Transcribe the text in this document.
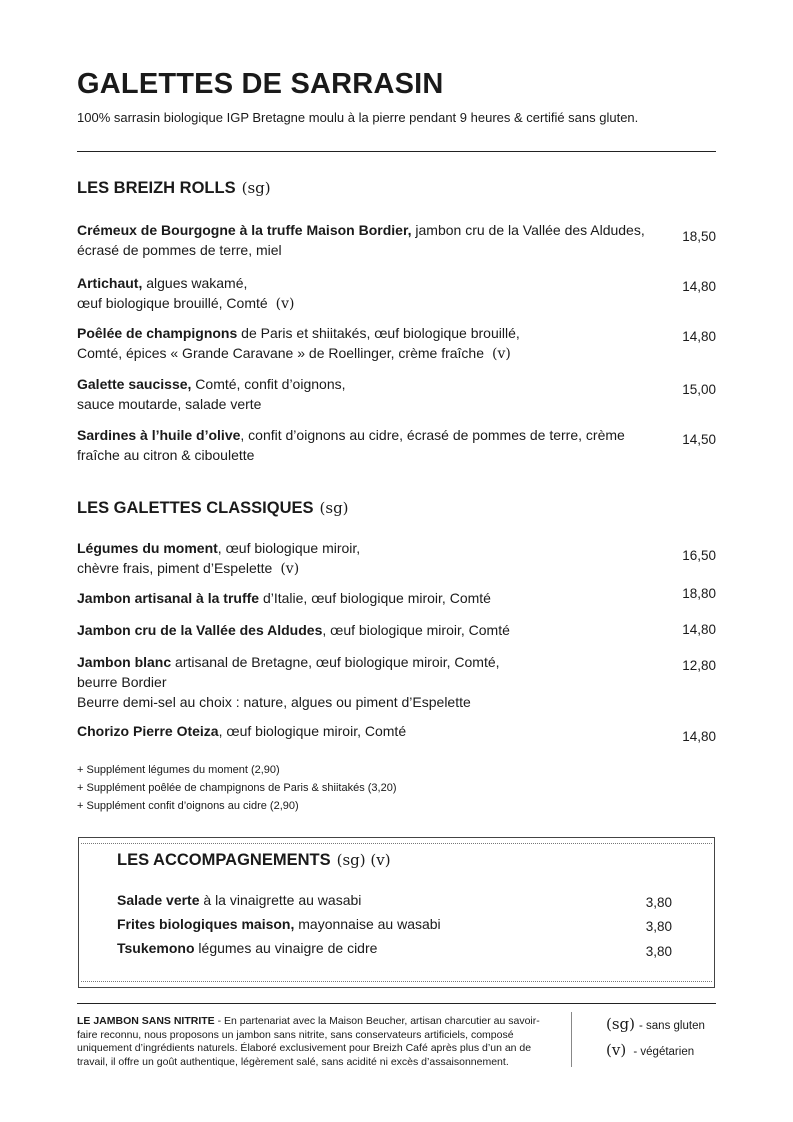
GALETTES DE SARRASIN
100% sarrasin biologique IGP Bretagne moulu à la pierre pendant 9 heures & certifié sans gluten.
LES BREIZH ROLLS (sg)
Crémeux de Bourgogne à la truffe Maison Bordier, jambon cru de la Vallée des Aldudes, écrasé de pommes de terre, miel
18,50
Artichaut, algues wakamé,
œuf biologique brouillé, Comté (v)
14,80
Poêlée de champignons de Paris et shiitakés, œuf biologique brouillé,
Comté, épices « Grande Caravane » de Roellinger, crème fraîche (v)
14,80
Galette saucisse, Comté, confit d’oignons,
sauce moutarde, salade verte
15,00
Sardines à l’huile d’olive, confit d’oignons au cidre, écrasé de pommes de terre, crème fraîche au citron & ciboulette
14,50
LES GALETTES CLASSIQUES (sg)
Légumes du moment, œuf biologique miroir,
chèvre frais, piment d’Espelette (v)
16,50
Jambon artisanal à la truffe d’Italie, œuf biologique miroir, Comté	18,80
Jambon cru de la Vallée des Aldudes, œuf biologique miroir, Comté	14,80
Jambon blanc artisanal de Bretagne, œuf biologique miroir, Comté,
beurre Bordier
Beurre demi-sel au choix : nature, algues ou piment d’Espelette
12,80
Chorizo Pierre Oteiza, œuf biologique miroir, Comté	14,80
+ Supplément légumes du moment (2,90)
+ Supplément poêlée de champignons de Paris & shiitakés (3,20)
+ Supplément confit d’oignons au cidre (2,90)
LES ACCOMPAGNEMENTS (sg) (v)
Salade verte à la vinaigrette au wasabi	3,80
Frites biologiques maison, mayonnaise au wasabi	3,80
Tsukemono légumes au vinaigre de cidre	3,80
LE JAMBON SANS NITRITE - En partenariat avec la Maison Beucher, artisan charcutier au savoir-faire reconnu, nous proposons un jambon sans nitrite, sans conservateurs artificiels, composé uniquement d’ingrédients naturels. Élaboré exclusivement pour Breizh Café après plus d’un an de travail, il offre un goût authentique, légèrement salé, sans acidité ni excès d’assaisonnement.
(sg) - sans gluten
(v) - végétarien
